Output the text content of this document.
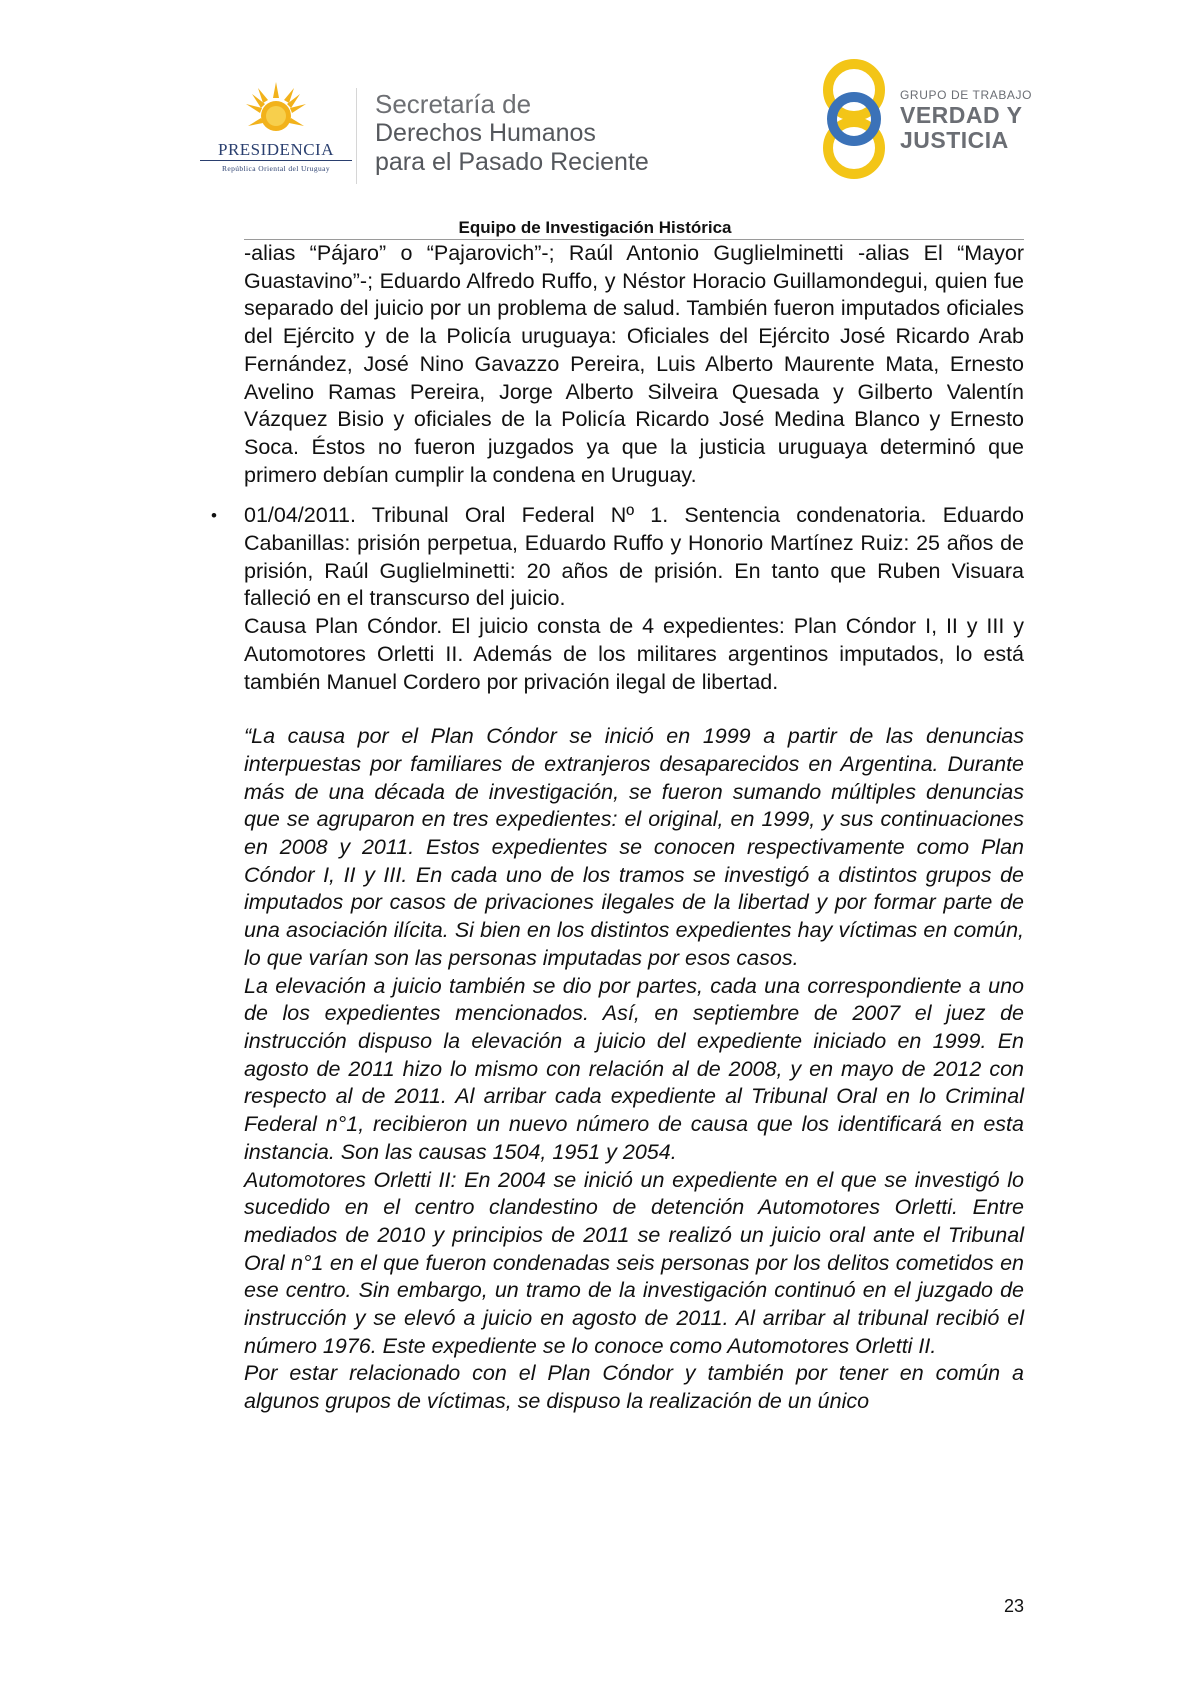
PRESIDENCIA
República Oriental del Uruguay
Secretaría de
Derechos Humanos
para el Pasado Reciente
GRUPO DE TRABAJO
VERDAD Y
JUSTICIA
Equipo de Investigación Histórica

-alias “Pájaro” o “Pajarovich”-; Raúl Antonio Guglielminetti -alias El “Mayor Guastavino”-; Eduardo Alfredo Ruffo, y Néstor Horacio Guillamondegui, quien fue separado del juicio por un problema de salud. También fueron imputados oficiales del Ejército y de la Policía uruguaya: Oficiales del Ejército José Ricardo Arab Fernández, José Nino Gavazzo Pereira, Luis Alberto Maurente Mata, Ernesto Avelino Ramas Pereira, Jorge Alberto Silveira Quesada y Gilberto Valentín Vázquez Bisio y oficiales de la Policía Ricardo José Medina Blanco y Ernesto Soca. Éstos no fueron juzgados ya que la justicia uruguaya determinó que primero debían cumplir la condena en Uruguay.

• 01/04/2011. Tribunal Oral Federal Nº 1. Sentencia condenatoria. Eduardo Cabanillas: prisión perpetua, Eduardo Ruffo y Honorio Martínez Ruiz: 25 años de prisión, Raúl Guglielminetti: 20 años de prisión. En tanto que Ruben Visuara falleció en el transcurso del juicio.

Causa Plan Cóndor. El juicio consta de 4 expedientes: Plan Cóndor I, II y III y Automotores Orletti II. Además de los militares argentinos imputados, lo está también Manuel Cordero por privación ilegal de libertad.

“La causa por el Plan Cóndor se inició en 1999 a partir de las denuncias interpuestas por familiares de extranjeros desaparecidos en Argentina. Durante más de una década de investigación, se fueron sumando múltiples denuncias que se agruparon en tres expedientes: el original, en 1999, y sus continuaciones en 2008 y 2011. Estos expedientes se conocen respectivamente como Plan Cóndor I, II y III. En cada uno de los tramos se investigó a distintos grupos de imputados por casos de privaciones ilegales de la libertad y por formar parte de una asociación ilícita. Si bien en los distintos expedientes hay víctimas en común, lo que varían son las personas imputadas por esos casos.

La elevación a juicio también se dio por partes, cada una correspondiente a uno de los expedientes mencionados. Así, en septiembre de 2007 el juez de instrucción dispuso la elevación a juicio del expediente iniciado en 1999. En agosto de 2011 hizo lo mismo con relación al de 2008, y en mayo de 2012 con respecto al de 2011. Al arribar cada expediente al Tribunal Oral en lo Criminal Federal n°1, recibieron un nuevo número de causa que los identificará en esta instancia. Son las causas 1504, 1951 y 2054.

Automotores Orletti II: En 2004 se inició un expediente en el que se investigó lo sucedido en el centro clandestino de detención Automotores Orletti. Entre mediados de 2010 y principios de 2011 se realizó un juicio oral ante el Tribunal Oral n°1 en el que fueron condenadas seis personas por los delitos cometidos en ese centro. Sin embargo, un tramo de la investigación continuó en el juzgado de instrucción y se elevó a juicio en agosto de 2011. Al arribar al tribunal recibió el número 1976. Este expediente se lo conoce como Automotores Orletti II.

Por estar relacionado con el Plan Cóndor y también por tener en común a algunos grupos de víctimas, se dispuso la realización de un único

23
